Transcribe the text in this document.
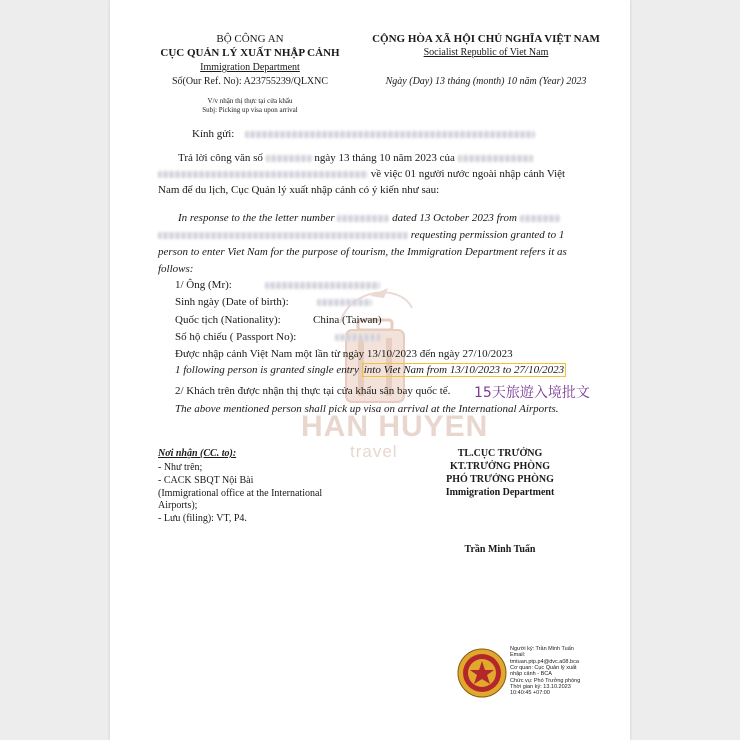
HAN HUYEN
travel
BỘ CÔNG AN
CỤC QUẢN LÝ XUẤT NHẬP CẢNH
Immigration Department
Số(Our Ref. No): A23755239/QLXNC
V/v nhận thị thực tại cửa khẩu
Subj: Picking up visa upon arrival
CỘNG HÒA XÃ HỘI CHỦ NGHĨA VIỆT NAM
Socialist Republic of Viet Nam
Ngày (Day) 13 tháng (month) 10 năm (Year) 2023
Kính gửi:
Trả lời công văn số	ngày 13 tháng 10 năm 2023 của
về việc 01 người nước ngoài nhập cảnh Việt
Nam để du lịch, Cục Quản lý xuất nhập cảnh có ý kiến như sau:
In response to the the letter number	dated 13 October 2023 from
requesting permission granted to 1
person to enter Viet Nam for the purpose of tourism, the Immigration Department refers it as
follows:
1/ Ông (Mr):
Sinh ngày (Date of birth):
Quốc tịch (Nationality):	China (Taiwan)
Số hộ chiếu ( Passport No):
Được nhập cảnh Việt Nam một lần từ ngày 13/10/2023 đến ngày 27/10/2023
1 following person is granted single entry into Viet Nam from 13/10/2023 to 27/10/2023
2/ Khách trên được nhận thị thực tại cửa khẩu sân bay quốc tế. 15天旅遊入境批文
The above mentioned person shall pick up visa on arrival at the International Airports.
Nơi nhận (CC. to):
- Như trên;
- CACK SBQT Nội Bài
(Immigrational office at the International
Airports);
- Lưu (filing): VT, P4.
TL.CỤC TRƯỞNG
KT.TRƯỞNG PHÒNG
PHÓ TRƯỞNG PHÒNG
Immigration Department
Trần Minh Tuấn
Người ký: Trần Minh Tuấn
Email:
tmtuan.ptp.p4@dvc.a08.bca
Cơ quan: Cục Quản lý xuất
nhập cảnh - BCA
Chức vụ: Phó Trưởng phòng
Thời gian ký: 13.10.2023
10:40:45 +07:00
